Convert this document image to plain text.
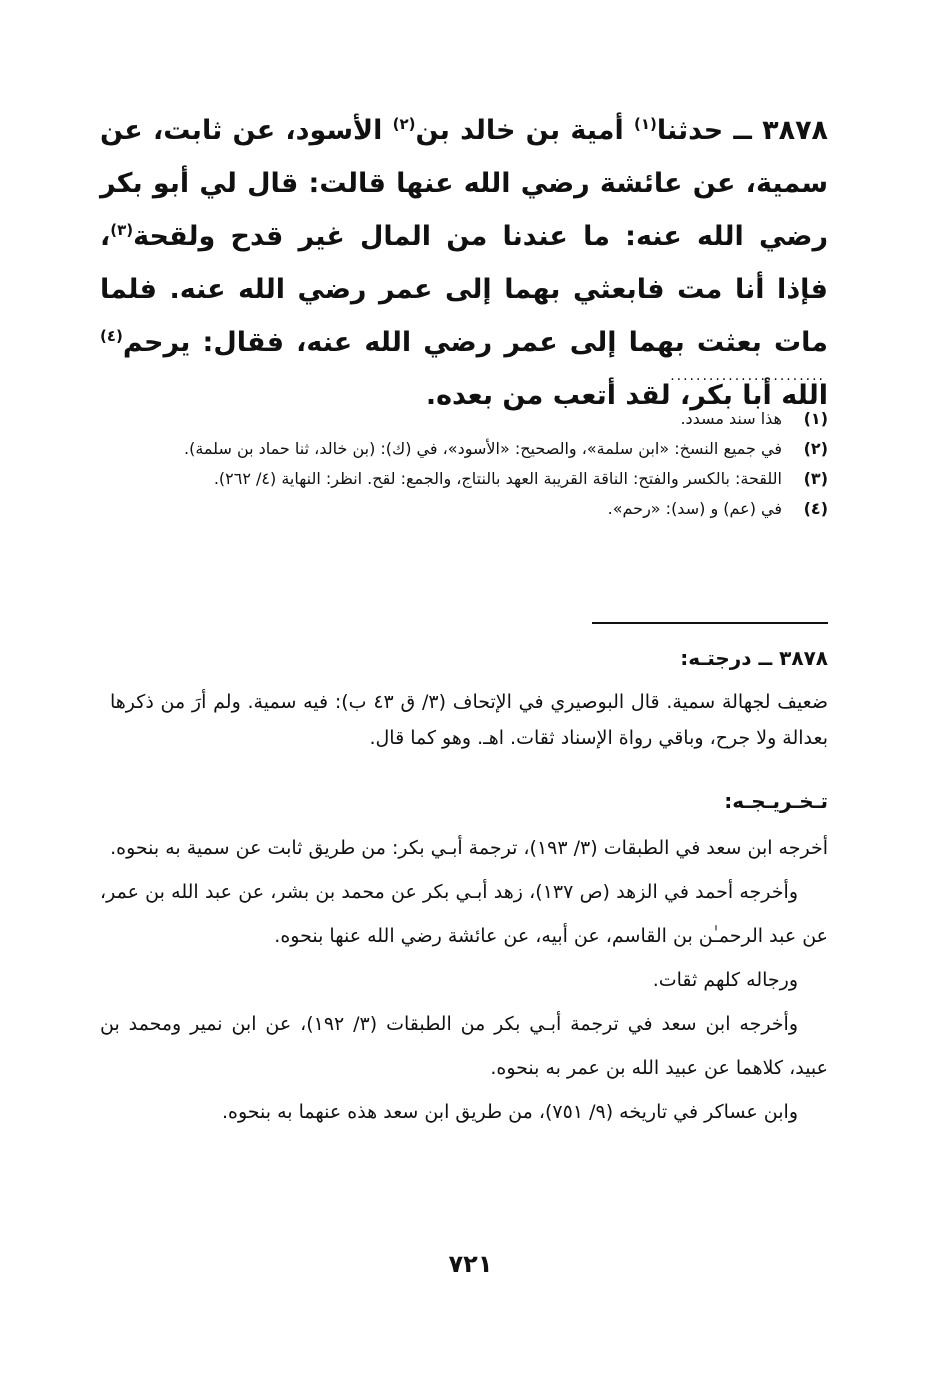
٣٨٧٨ ــ حدثنا$^{(١)}$ أمية بن خالد بن$^{(٢)}$ الأسود، عن ثابت، عن سمية، عن عائشة رضي الله عنها قالت: قال لي أبو بكر رضي الله عنه: ما عندنا من المال غير قدح ولقحة$^{(٣)}$، فإذا أنا مت فابعثي بهما إلى عمر رضي الله عنه. فلما مات بعثت بهما إلى عمر رضي الله عنه، فقال: يرحم$^{(٤)}$ الله أبا بكر، لقد أتعب من بعده.
........................
(١)
هذا سند مسدد.
(٢)
في جميع النسخ: «ابن سلمة»، والصحيح: «الأسود»، في (ك): (بن خالد، ثنا حماد بن سلمة).
(٣)
اللقحة: بالكسر والفتح: الناقة القريبة العهد بالنتاج، والجمع: لقح. انظر: النهاية (٤/ ٢٦٢).
(٤)
في (عم) و (سد): «رحم».
٣٨٧٨ ــ درجتـه:
ضعيف لجهالة سمية. قال البوصيري في الإتحاف (٣/ ق ٤٣ ب): فيه سمية. ولم أرَ من ذكرها بعدالة ولا جرح، وباقي رواة الإسناد ثقات. اهـ. وهو كما قال.
تـخـريـجـه:

أخرجه ابن سعد في الطبقات (٣/ ١٩٣)، ترجمة أبـي بكر: من طريق ثابت عن سمية به بنحوه.

وأخرجه أحمد في الزهد (ص ١٣٧)، زهد أبـي بكر عن محمد بن بشر، عن عبد الله بن عمر، عن عبد الرحمـٰن بن القاسم، عن أبيه، عن عائشة رضي الله عنها بنحوه.

ورجاله كلهم ثقات.

وأخرجه ابن سعد في ترجمة أبـي بكر من الطبقات (٣/ ١٩٢)، عن ابن نمير ومحمد بن عبيد، كلاهما عن عبيد الله بن عمر به بنحوه.

وابن عساكر في تاريخه (٩/ ٧٥١)، من طريق ابن سعد هذه عنهما به بنحوه.

٧٢١
